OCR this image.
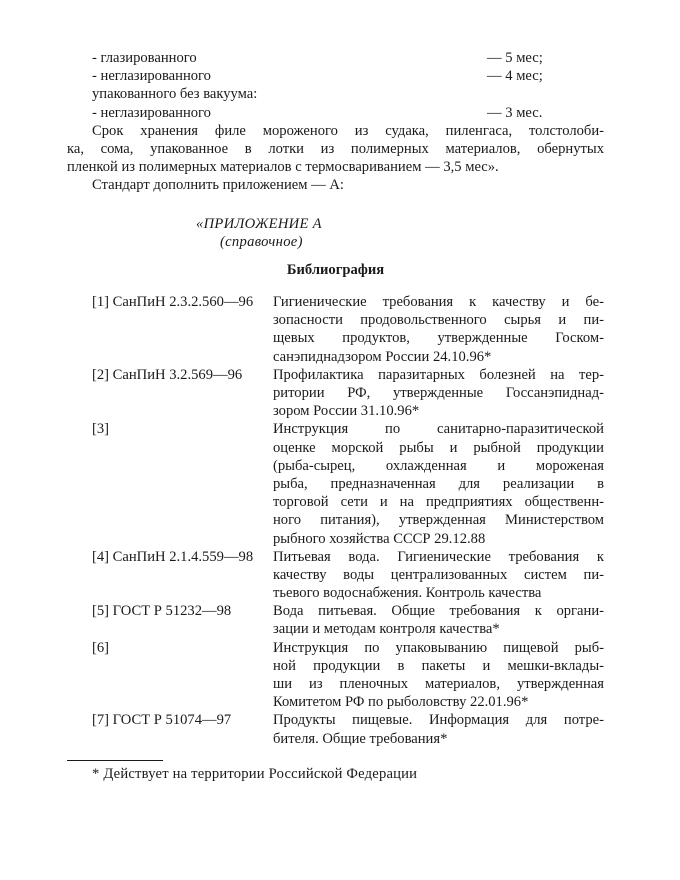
- глазированного	— 5 мес;
- неглазированного	— 4 мес;
упакованного без вакуума:
- неглазированного	— 3 мес.
Срок хранения филе мороженого из судака, пиленгаса, толстолоби-
ка, сома, упакованное в лотки из полимерных материалов, обернутых
пленкой из полимерных материалов с термосвариванием — 3,5 мес».
Стандарт дополнить приложением — А:
«ПРИЛОЖЕНИЕ А
(справочное)
Библиография
[1] СанПиН 2.3.2.560—96 Гигиенические требования к качеству и бе-
зопасности продовольственного сырья и пи-
щевых продуктов, утвержденные Госком-
санэпиднадзором России 24.10.96*
[2] СанПиН 3.2.569—96 Профилактика паразитарных болезней на тер-
ритории РФ, утвержденные Госсанэпиднад-
зором России 31.10.96*
[3]	Инструкция по санитарно-паразитической
оценке морской рыбы и рыбной продукции
(рыба-сырец, охлажденная и мороженая
рыба, предназначенная для реализации в
торговой сети и на предприятиях общественн-
ного питания), утвержденная Министерством
рыбного хозяйства СССР 29.12.88
[4] СанПиН 2.1.4.559—98 Питьевая вода. Гигиенические требования к
качеству воды централизованных систем пи-
тьевого водоснабжения. Контроль качества
[5] ГОСТ Р 51232—98	Вода питьевая. Общие требования к органи-
зации и методам контроля качества*
[6]	Инструкция по упаковыванию пищевой рыб-
ной продукции в пакеты и мешки-вклады-
ши из пленочных материалов, утвержденная
Комитетом РФ по рыболовству 22.01.96*
[7] ГОСТ Р 51074—97	Продукты пищевые. Информация для потре-
бителя. Общие требования*
* Действует на территории Российской Федерации
